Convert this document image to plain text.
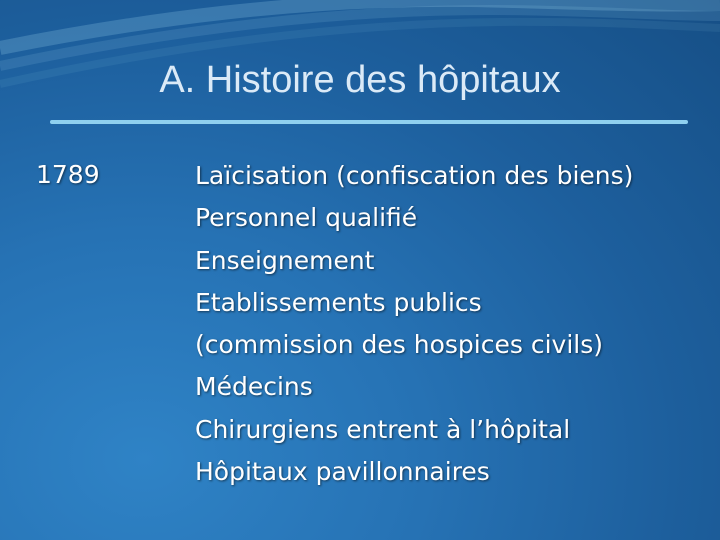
A. Histoire des hôpitaux
1789	Laïcisation (confiscation des biens)
Personnel qualifié
Enseignement
Etablissements publics
(commission des hospices civils)
Médecins
Chirurgiens entrent à l’hôpital
Hôpitaux pavillonnaires
